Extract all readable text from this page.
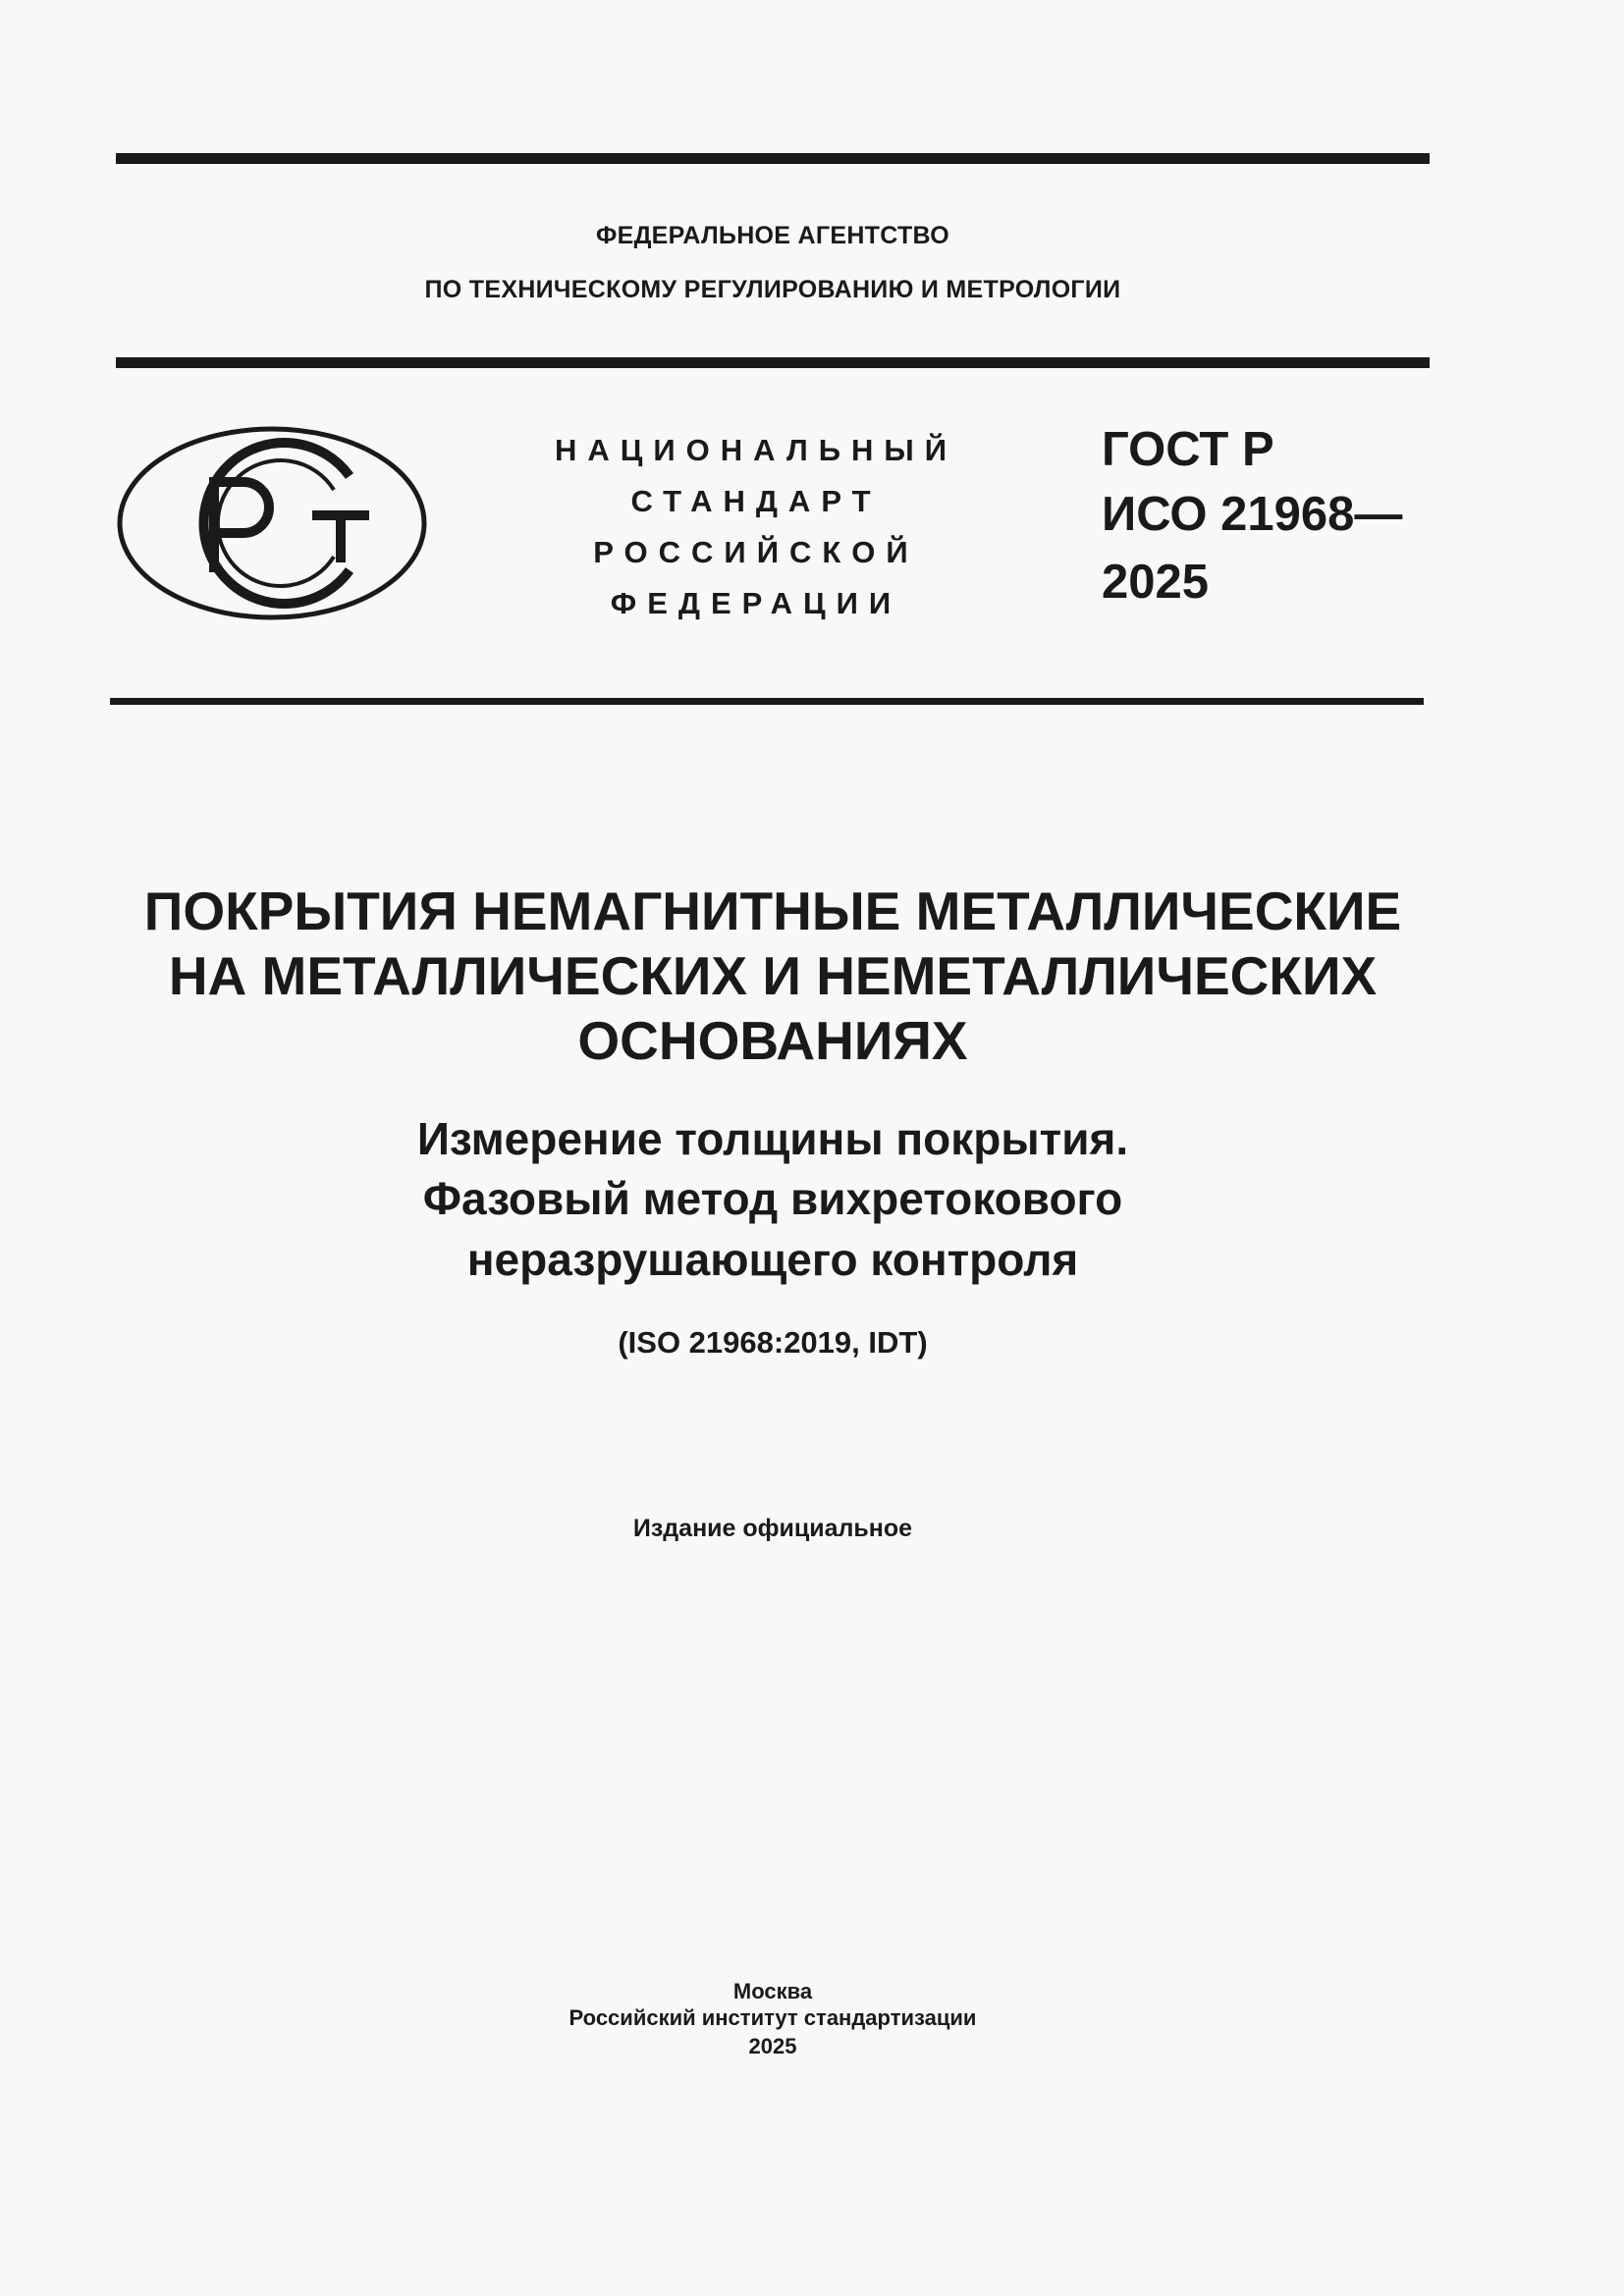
ФЕДЕРАЛЬНОЕ АГЕНТСТВО
ПО ТЕХНИЧЕСКОМУ РЕГУЛИРОВАНИЮ И МЕТРОЛОГИИ
НАЦИОНАЛЬНЫЙ
СТАНДАРТ
РОССИЙСКОЙ
ФЕДЕРАЦИИ
ГОСТ Р
ИСО 21968—
2025
ПОКРЫТИЯ НЕМАГНИТНЫЕ МЕТАЛЛИЧЕСКИЕ
НА МЕТАЛЛИЧЕСКИХ И НЕМЕТАЛЛИЧЕСКИХ
ОСНОВАНИЯХ
Измерение толщины покрытия.
Фазовый метод вихретокового
неразрушающего контроля
(ISO 21968:2019, IDT)
Издание официальное
Москва
Российский институт стандартизации
2025
